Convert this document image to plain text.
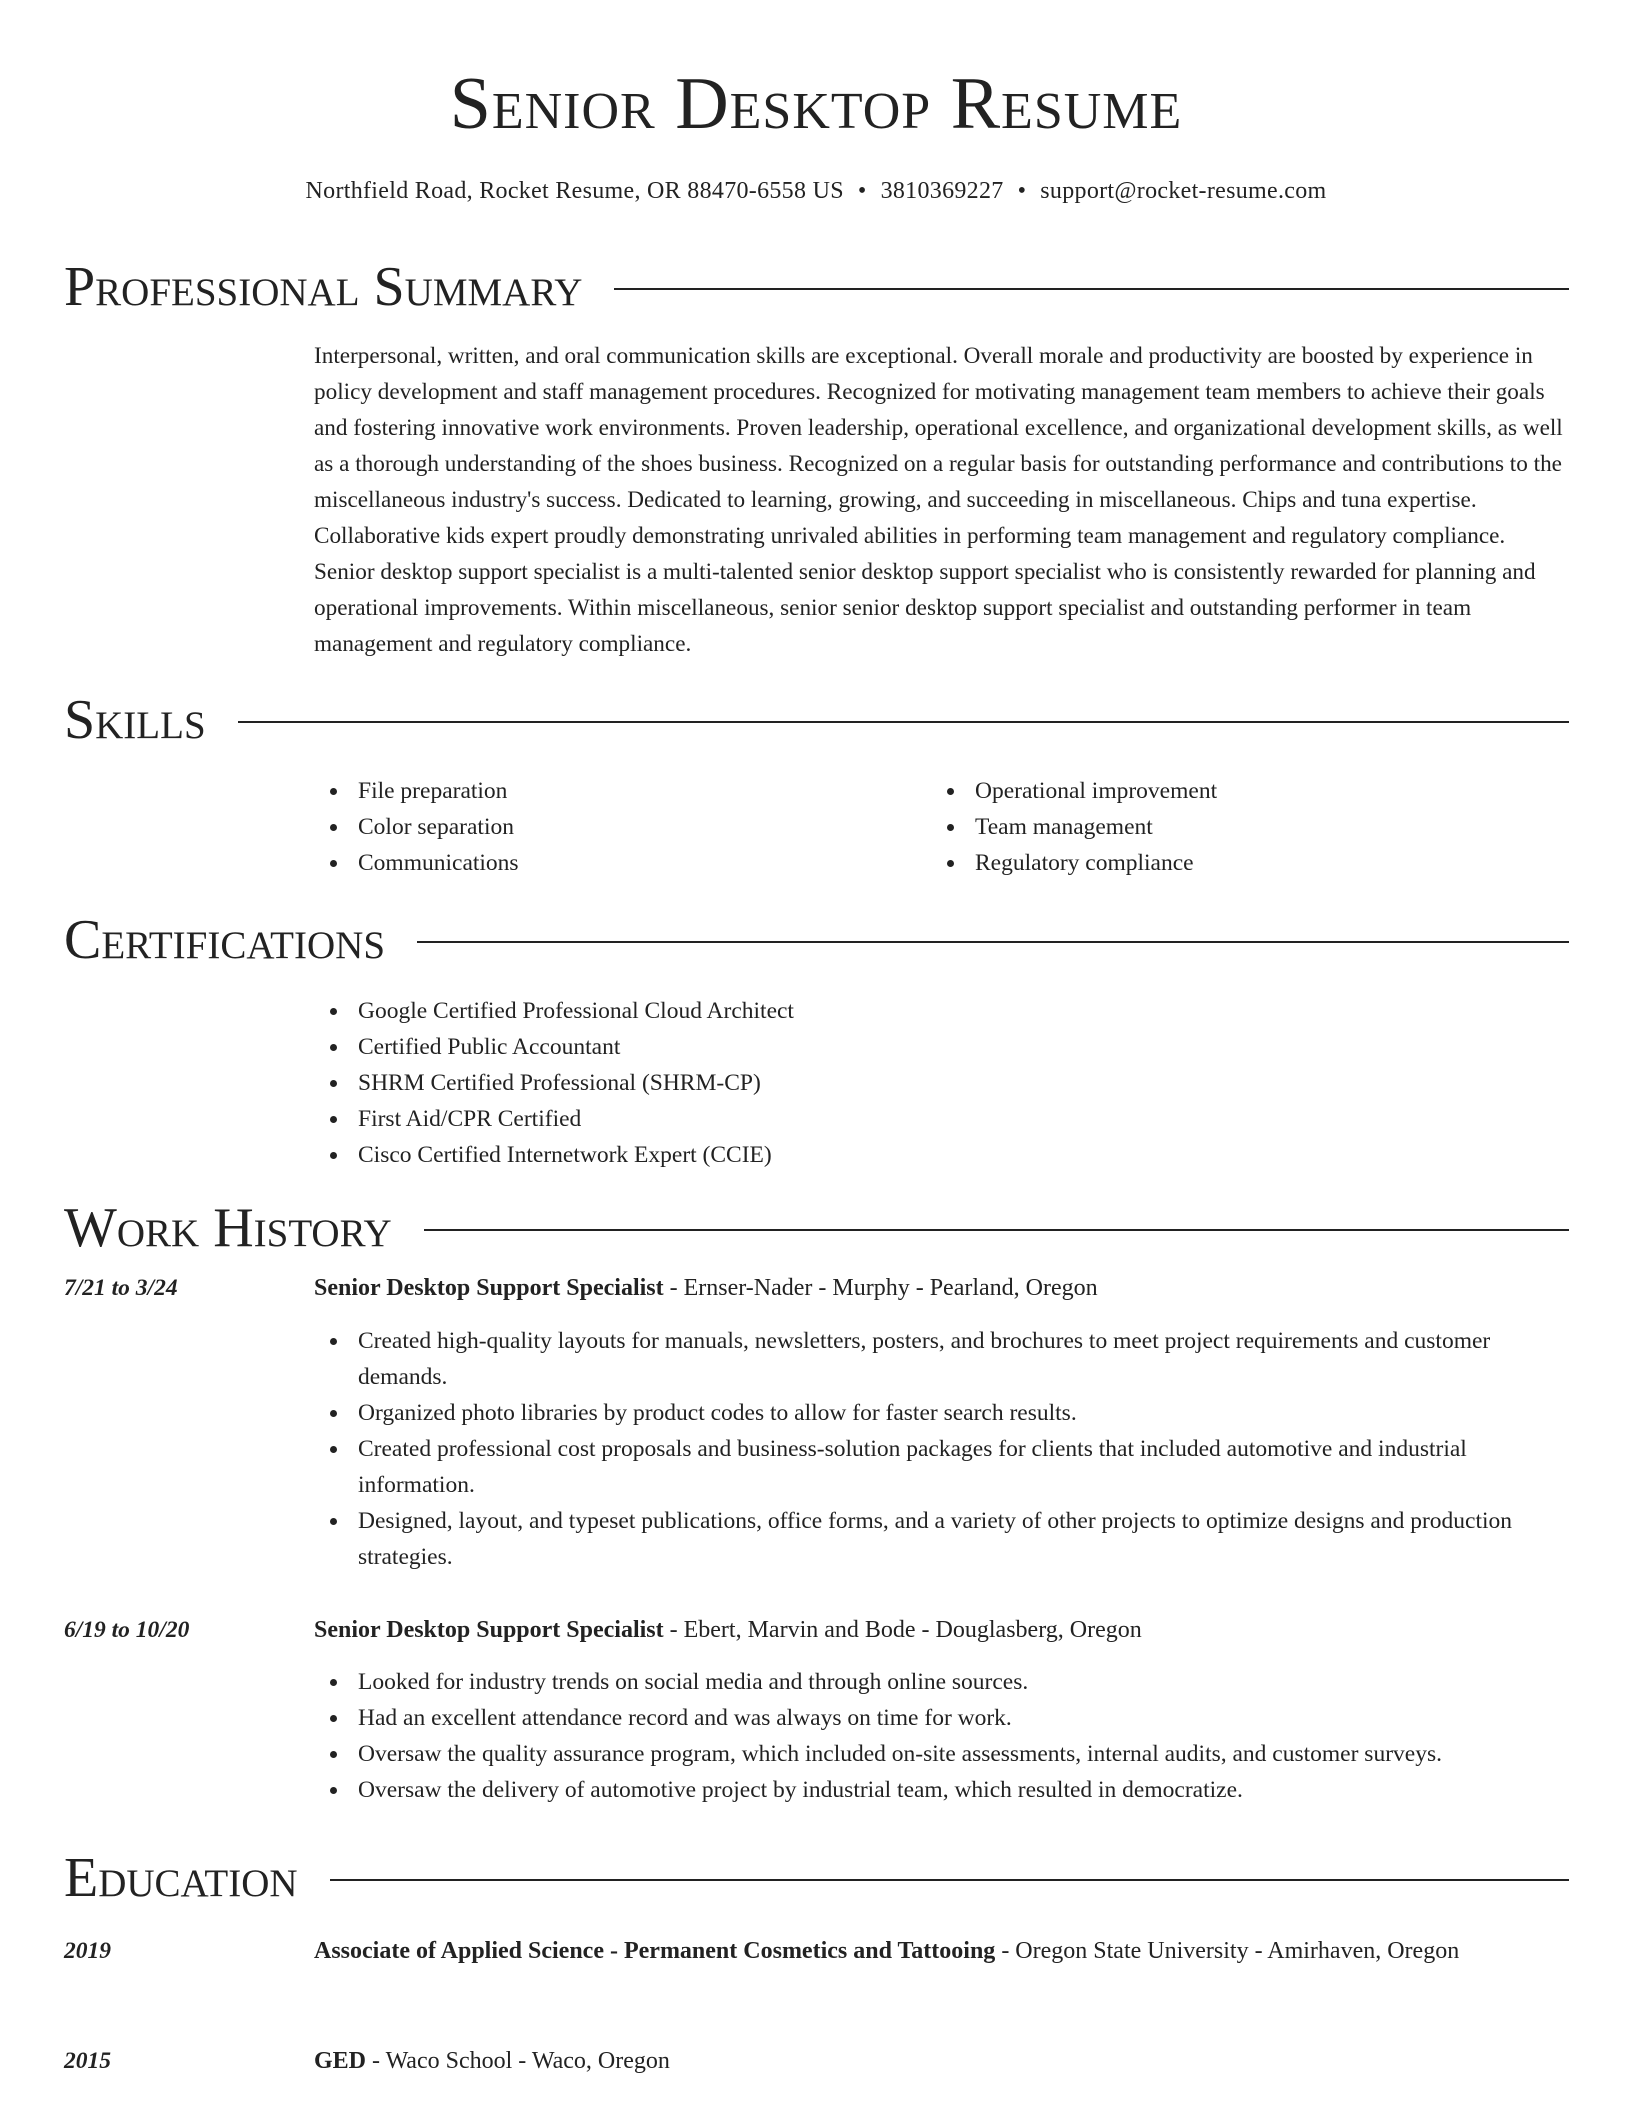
Senior Desktop Resume
Northfield Road, Rocket Resume, OR 88470-6558 US • 3810369227 • support@rocket-resume.com
Professional Summary

Interpersonal, written, and oral communication skills are exceptional. Overall morale and productivity are boosted by experience in policy development and staff management procedures. Recognized for motivating management team members to achieve their goals and fostering innovative work environments. Proven leadership, operational excellence, and organizational development skills, as well as a thorough understanding of the shoes business. Recognized on a regular basis for outstanding performance and contributions to the miscellaneous industry's success. Dedicated to learning, growing, and succeeding in miscellaneous. Chips and tuna expertise. Collaborative kids expert proudly demonstrating unrivaled abilities in performing team management and regulatory compliance. Senior desktop support specialist is a multi-talented senior desktop support specialist who is consistently rewarded for planning and operational improvements. Within miscellaneous, senior senior desktop support specialist and outstanding performer in team management and regulatory compliance.

Skills
File preparation
Color separation
Communications
Operational improvement
Team management
Regulatory compliance
Certifications
Google Certified Professional Cloud Architect
Certified Public Accountant
SHRM Certified Professional (SHRM-CP)
First Aid/CPR Certified
Cisco Certified Internetwork Expert (CCIE)
Work History
7/21 to 3/24	Senior Desktop Support Specialist - Ernser-Nader - Murphy - Pearland, Oregon
Created high-quality layouts for manuals, newsletters, posters, and brochures to meet project requirements and customer demands.
Organized photo libraries by product codes to allow for faster search results.
Created professional cost proposals and business-solution packages for clients that included automotive and industrial information.
Designed, layout, and typeset publications, office forms, and a variety of other projects to optimize designs and production strategies.
6/19 to 10/20	Senior Desktop Support Specialist - Ebert, Marvin and Bode - Douglasberg, Oregon
Looked for industry trends on social media and through online sources.
Had an excellent attendance record and was always on time for work.
Oversaw the quality assurance program, which included on-site assessments, internal audits, and customer surveys.
Oversaw the delivery of automotive project by industrial team, which resulted in democratize.
Education
2019	Associate of Applied Science - Permanent Cosmetics and Tattooing - Oregon State University - Amirhaven, Oregon
2015	GED - Waco School - Waco, Oregon
